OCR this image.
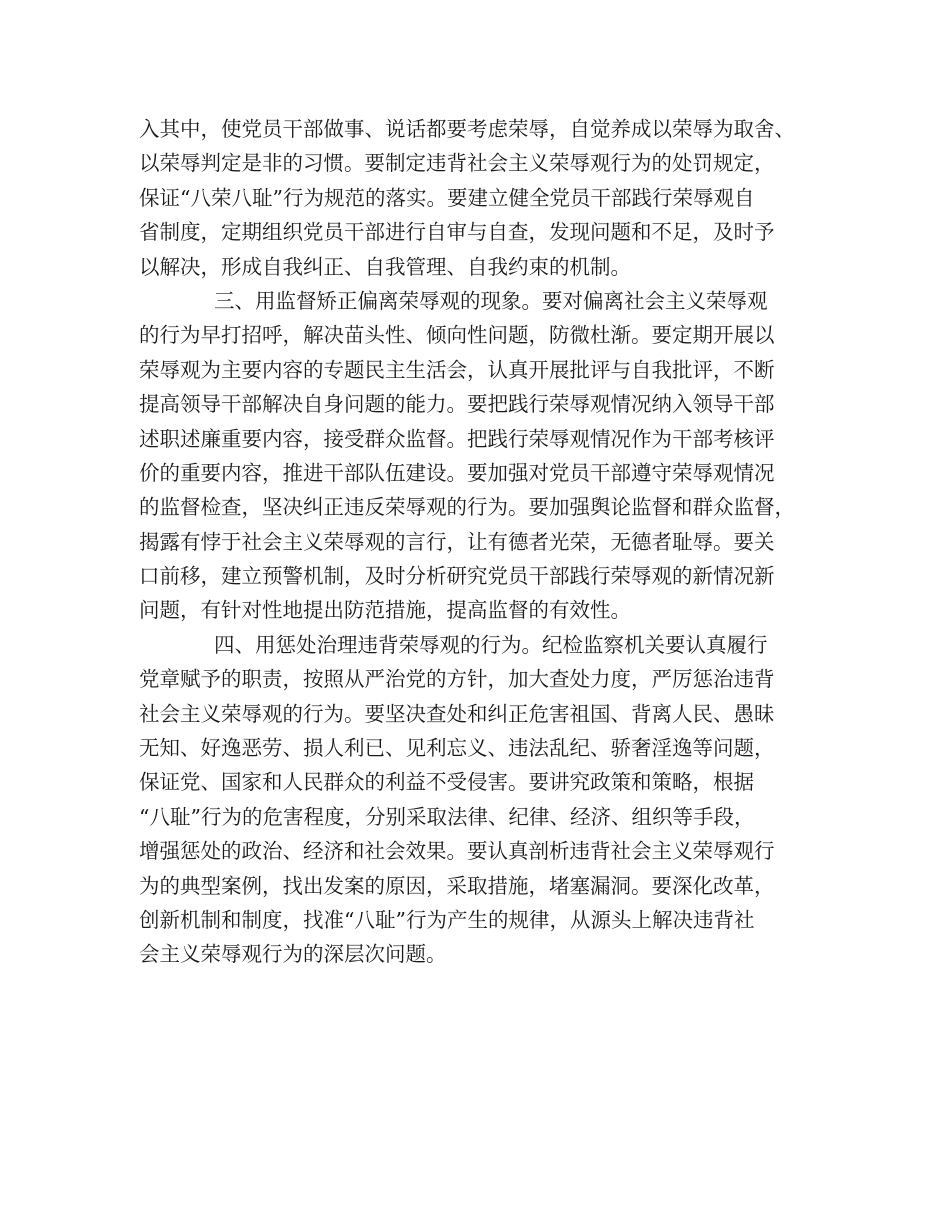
入其中，使党员干部做事、说话都要考虑荣辱，自觉养成以荣辱为取舍、
以荣辱判定是非的习惯。要制定违背社会主义荣辱观行为的处罚规定，
保证“八荣八耻”行为规范的落实。要建立健全党员干部践行荣辱观自
省制度，定期组织党员干部进行自审与自查，发现问题和不足，及时予
以解决，形成自我纠正、自我管理、自我约束的机制。
三、用监督矫正偏离荣辱观的现象。要对偏离社会主义荣辱观
的行为早打招呼，解决苗头性、倾向性问题，防微杜渐。要定期开展以
荣辱观为主要内容的专题民主生活会，认真开展批评与自我批评，不断
提高领导干部解决自身问题的能力。要把践行荣辱观情况纳入领导干部
述职述廉重要内容，接受群众监督。把践行荣辱观情况作为干部考核评
价的重要内容，推进干部队伍建设。要加强对党员干部遵守荣辱观情况
的监督检查，坚决纠正违反荣辱观的行为。要加强舆论监督和群众监督，
揭露有悖于社会主义荣辱观的言行，让有德者光荣，无德者耻辱。要关
口前移，建立预警机制，及时分析研究党员干部践行荣辱观的新情况新
问题，有针对性地提出防范措施，提高监督的有效性。
四、用惩处治理违背荣辱观的行为。纪检监察机关要认真履行
党章赋予的职责，按照从严治党的方针，加大查处力度，严厉惩治违背
社会主义荣辱观的行为。要坚决查处和纠正危害祖国、背离人民、愚昧
无知、好逸恶劳、损人利已、见利忘义、违法乱纪、骄奢淫逸等问题，
保证党、国家和人民群众的利益不受侵害。要讲究政策和策略，根据
“八耻”行为的危害程度，分别采取法律、纪律、经济、组织等手段，
增强惩处的政治、经济和社会效果。要认真剖析违背社会主义荣辱观行
为的典型案例，找出发案的原因，采取措施，堵塞漏洞。要深化改革，
创新机制和制度，找准“八耻”行为产生的规律，从源头上解决违背社
会主义荣辱观行为的深层次问题。
